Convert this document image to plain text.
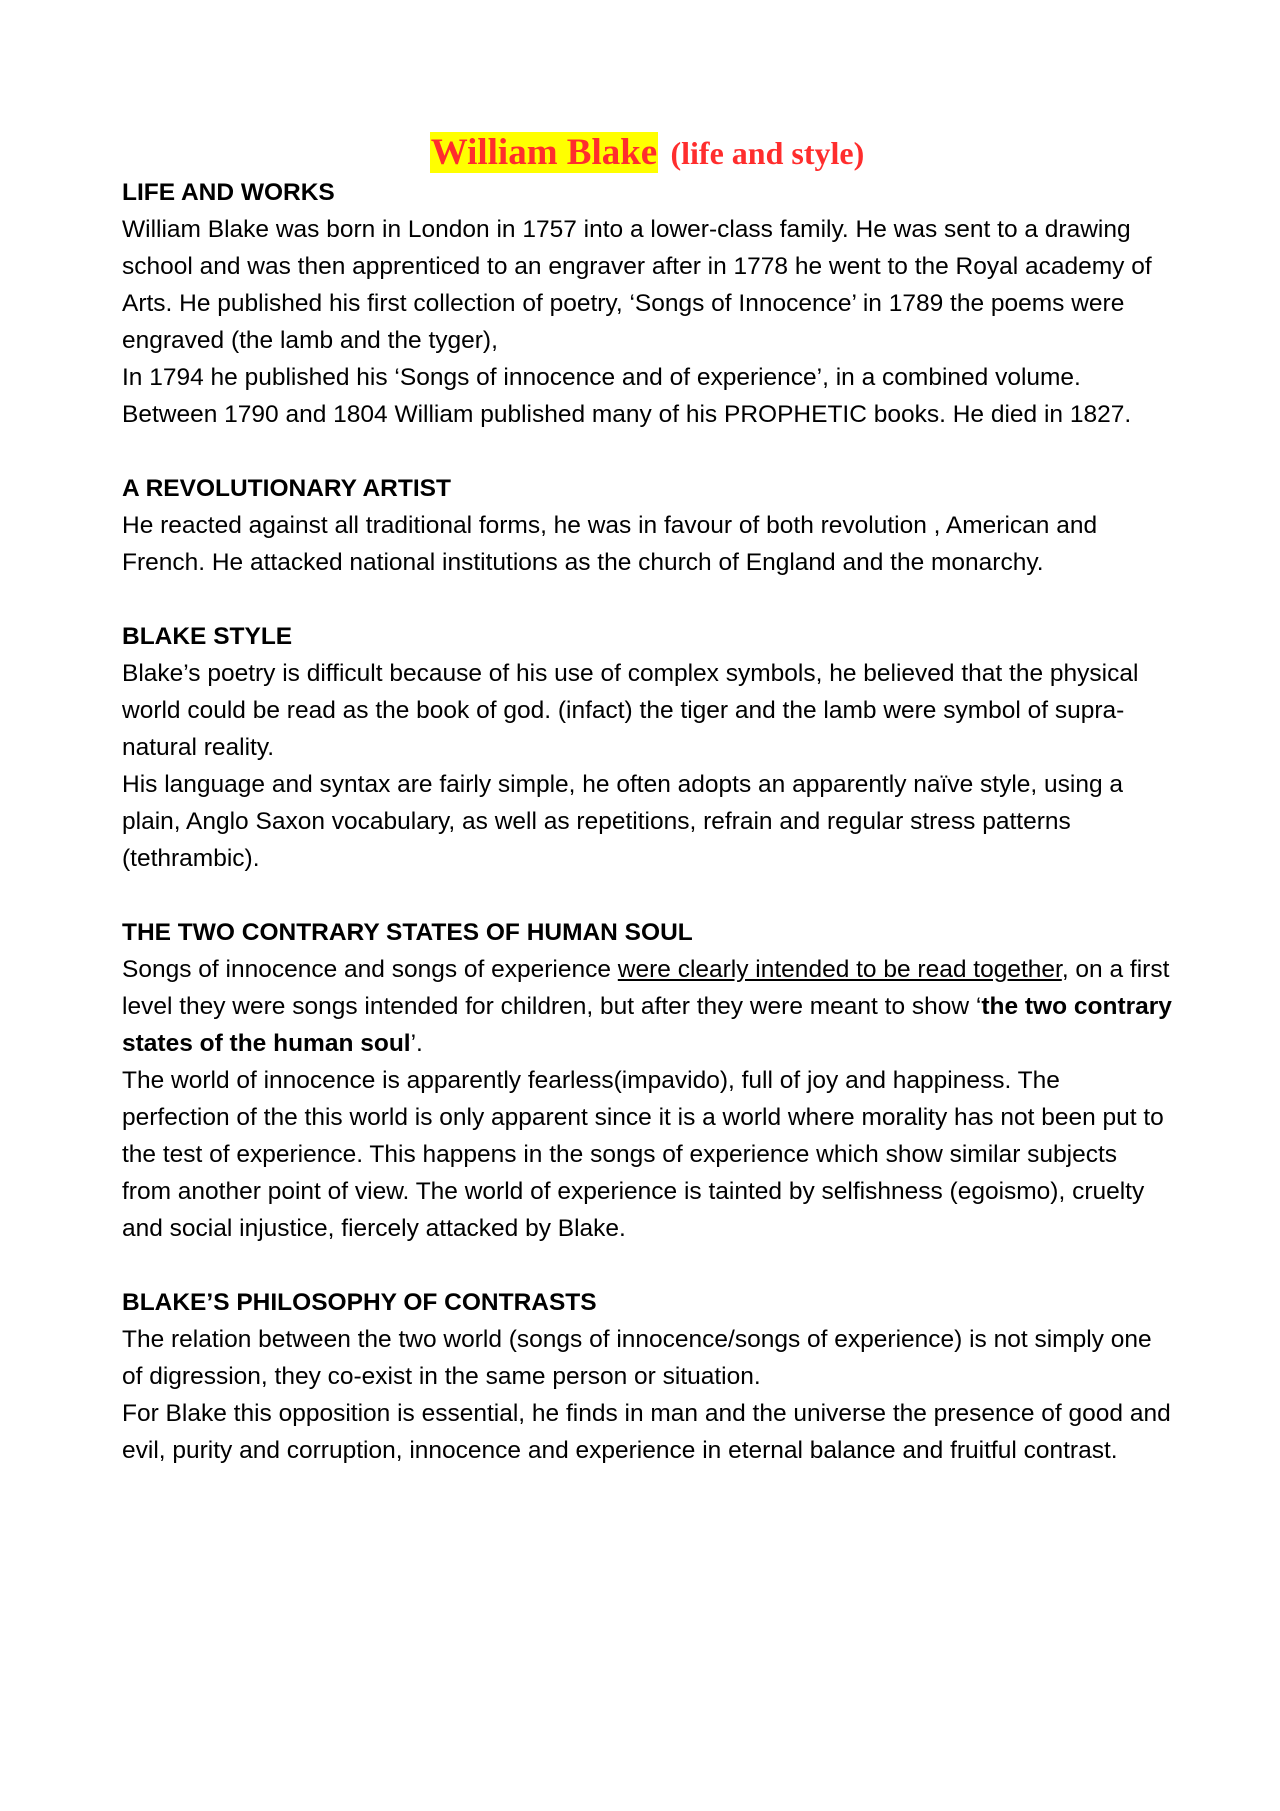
William Blake (life and style)

LIFE AND WORKS

William Blake was born in London in 1757 into a lower-class family. He was sent to a drawing school and was then apprenticed to an engraver after in 1778 he went to the Royal academy of Arts. He published his first collection of poetry, ‘Songs of Innocence’ in 1789 the poems were engraved (the lamb and the tyger),

In 1794 he published his ‘Songs of innocence and of experience’, in a combined volume.

Between 1790 and 1804 William published many of his PROPHETIC books. He died in 1827.

A REVOLUTIONARY ARTIST

He reacted against all traditional forms, he was in favour of both revolution , American and French. He attacked national institutions as the church of England and the monarchy.

BLAKE STYLE

Blake’s poetry is difficult because of his use of complex symbols, he believed that the physical world could be read as the book of god. (infact) the tiger and the lamb were symbol of supra-natural reality.

His language and syntax are fairly simple, he often adopts an apparently naïve style, using a plain, Anglo Saxon vocabulary, as well as repetitions, refrain and regular stress patterns (tethrambic).

THE TWO CONTRARY STATES OF HUMAN SOUL

Songs of innocence and songs of experience were clearly intended to be read together, on a first level they were songs intended for children, but after they were meant to show ‘the two contrary states of the human soul’.

The world of innocence is apparently fearless(impavido), full of joy and happiness. The perfection of the this world is only apparent since it is a world where morality has not been put to the test of experience. This happens in the songs of experience which show similar subjects from another point of view. The world of experience is tainted by selfishness (egoismo), cruelty and social injustice, fiercely attacked by Blake.

BLAKE’S PHILOSOPHY OF CONTRASTS

The relation between the two world (songs of innocence/songs of experience) is not simply one of digression, they co-exist in the same person or situation.

For Blake this opposition is essential, he finds in man and the universe the presence of good and evil, purity and corruption, innocence and experience in eternal balance and fruitful contrast.
